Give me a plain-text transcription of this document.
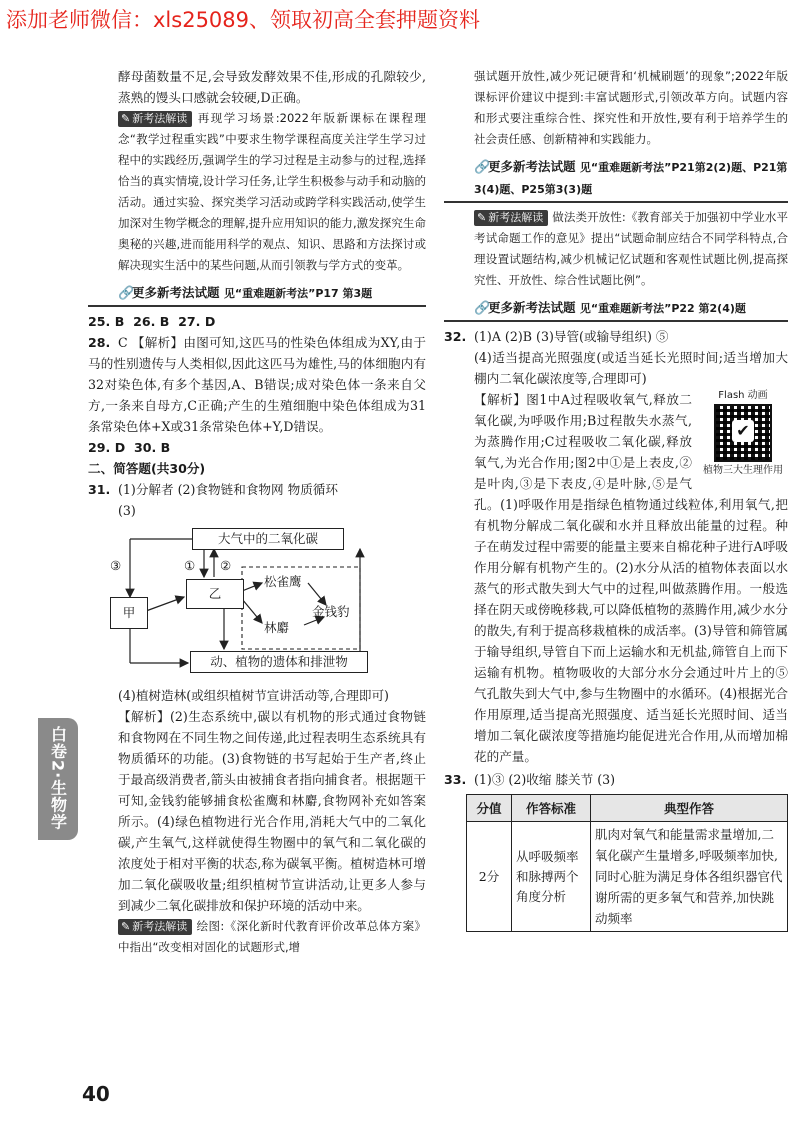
添加老师微信：xls25089、领取初高全套押题资料
白卷2·生物学

酵母菌数量不足,会导致发酵效果不佳,形成的孔隙较少,蒸熟的馒头口感就会较硬,D正确。

✎ 新考法解读 再现学习场景:2022年版新课标在课程理念“教学过程重实践”中要求生物学课程高度关注学生学习过程中的实践经历,强调学生的学习过程是主动参与的过程,选择恰当的真实情境,设计学习任务,让学生积极参与动手和动脑的活动。通过实验、探究类学习活动或跨学科实践活动,使学生加深对生物学概念的理解,提升应用知识的能力,激发探究生命奥秘的兴趣,进而能用科学的观点、知识、思路和方法探讨或解决现实生活中的某些问题,从而引领教与学方式的变革。

🔗更多新考法试题 见“重难题新考法”P17 第3题

25. B 26. B 27. D

28. C 【解析】由图可知,这匹马的性染色体组成为XY,由于马的性别遗传与人类相似,因此这匹马为雄性,马的体细胞内有32对染色体,有多个基因,A、B错误;成对染色体一条来自父方,一条来自母方,C正确;产生的生殖细胞中染色体组成为31条常染色体+X或31条常染色体+Y,D错误。

29. D 30. B

二、简答题(共30分)

31. (1)分解者 (2)食物链和食物网 物质循环

(3)

大气中的二氧化碳
甲
乙
松雀鹰
林麝
金钱豹
动、植物的遗体和排泄物
① ②
③

(4)植树造林(或组织植树节宣讲活动等,合理即可)

【解析】(2)生态系统中,碳以有机物的形式通过食物链和食物网在不同生物之间传递,此过程表明生态系统具有物质循环的功能。(3)食物链的书写起始于生产者,终止于最高级消费者,箭头由被捕食者指向捕食者。根据题干可知,金钱豹能够捕食松雀鹰和林麝,食物网补充如答案所示。(4)绿色植物进行光合作用,消耗大气中的二氧化碳,产生氧气,这样就使得生物圈中的氧气和二氧化碳的浓度处于相对平衡的状态,称为碳氧平衡。植树造林可增加二氧化碳吸收量;组织植树节宣讲活动,让更多人参与到减少二氧化碳排放和保护环境的活动中来。

✎ 新考法解读 绘图:《深化新时代教育评价改革总体方案》中指出“改变相对固化的试题形式,增

强试题开放性,减少死记硬背和‘机械刷题’的现象”;2022年版课标评价建议中提到:丰富试题形式,引领改革方向。试题内容和形式要注重综合性、探究性和开放性,要有利于培养学生的社会责任感、创新精神和实践能力。

🔗更多新考法试题 见“重难题新考法”P21第2(2)题、P21第3(4)题、P25第3(3)题

✎ 新考法解读 做法类开放性:《教育部关于加强初中学业水平考试命题工作的意见》提出“试题命制应结合不同学科特点,合理设置试题结构,减少机械记忆试题和客观性试题比例,提高探究性、开放性、综合性试题比例”。

🔗更多新考法试题 见“重难题新考法”P22 第2(4)题

32. (1)A (2)B (3)导管(或输导组织) ⑤

(4)适当提高光照强度(或适当延长光照时间;适当增加大棚内二氧化碳浓度等,合理即可)

Flash 动画
✔
植物三大生理作用

【解析】图1中A过程吸收氧气,释放二氧化碳,为呼吸作用;B过程散失水蒸气,为蒸腾作用;C过程吸收二氧化碳,释放氧气,为光合作用;图2中①是上表皮,②是叶肉,③是下表皮,④是叶脉,⑤是气孔。(1)呼吸作用是指绿色植物通过线粒体,利用氧气,把有机物分解成二氧化碳和水并且释放出能量的过程。种子在萌发过程中需要的能量主要来自棉花种子进行A呼吸作用分解有机物产生的。(2)水分从活的植物体表面以水蒸气的形式散失到大气中的过程,叫做蒸腾作用。一般选择在阴天或傍晚移栽,可以降低植物的蒸腾作用,减少水分的散失,有利于提高移栽植株的成活率。(3)导管和筛管属于输导组织,导管自下而上运输水和无机盐,筛管自上而下运输有机物。植物吸收的大部分水分会通过叶片上的⑤气孔散失到大气中,参与生物圈中的水循环。(4)根据光合作用原理,适当提高光照强度、适当延长光照时间、适当增加二氧化碳浓度等措施均能促进光合作用,从而增加棉花的产量。

33. (1)③ (2)收缩 膝关节 (3)

分值	作答标准	典型作答
2分	从呼吸频率和脉搏两个角度分析	肌肉对氧气和能量需求量增加,二氧化碳产生量增多,呼吸频率加快,同时心脏为满足身体各组织器官代谢所需的更多氧气和营养,加快跳动频率
40
